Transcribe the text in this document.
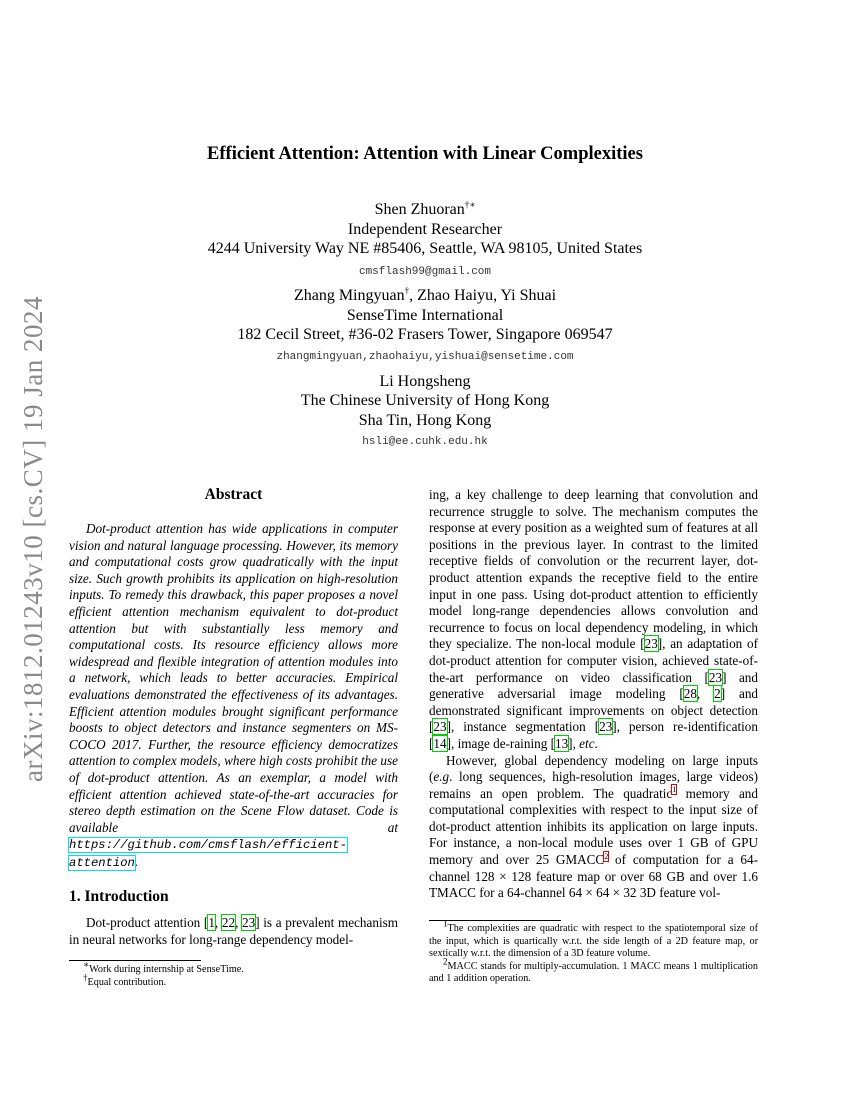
arXiv:1812.01243v10 [cs.CV] 19 Jan 2024
Efficient Attention: Attention with Linear Complexities
Shen Zhuoran†∗
Independent Researcher
4244 University Way NE #85406, Seattle, WA 98105, United States
cmsflash99@gmail.com
Zhang Mingyuan†, Zhao Haiyu, Yi Shuai
SenseTime International
182 Cecil Street, #36-02 Frasers Tower, Singapore 069547
zhangmingyuan,zhaohaiyu,yishuai@sensetime.com
Li Hongsheng
The Chinese University of Hong Kong
Sha Tin, Hong Kong
hsli@ee.cuhk.edu.hk
Abstract

Dot-product attention has wide applications in computer vision and natural language processing. However, its memory and computational costs grow quadratically with the input size. Such growth prohibits its application on high-resolution inputs. To remedy this drawback, this paper proposes a novel efficient attention mechanism equivalent to dot-product attention but with substantially less memory and computational costs. Its resource efficiency allows more widespread and flexible integration of attention modules into a network, which leads to better accuracies. Empirical evaluations demonstrated the effectiveness of its advantages. Efficient attention modules brought significant performance boosts to object detectors and instance segmenters on MS-COCO 2017. Further, the resource efficiency democratizes attention to complex models, where high costs prohibit the use of dot-product attention. As an exemplar, a model with efficient attention achieved state-of-the-art accuracies for stereo depth estimation on the Scene Flow dataset. Code is available at https://github.com/cmsflash/efficient-attention.

1. Introduction

Dot-product attention [1, 22, 23] is a prevalent mechanism in neural networks for long-range dependency model-

ing, a key challenge to deep learning that convolution and recurrence struggle to solve. The mechanism computes the response at every position as a weighted sum of features at all positions in the previous layer. In contrast to the limited receptive fields of convolution or the recurrent layer, dot-product attention expands the receptive field to the entire input in one pass. Using dot-product attention to efficiently model long-range dependencies allows convolution and recurrence to focus on local dependency modeling, in which they specialize. The non-local module [23], an adaptation of dot-product attention for computer vision, achieved state-of-the-art performance on video classification [23] and generative adversarial image modeling [28, 2] and demonstrated significant improvements on object detection [23], instance segmentation [23], person re-identification [14], image de-raining [13], etc.

However, global dependency modeling on large inputs (e.g. long sequences, high-resolution images, large videos) remains an open problem. The quadratic$^1$ memory and computational complexities with respect to the input size of dot-product attention inhibits its application on large inputs. For instance, a non-local module uses over 1 GB of GPU memory and over 25 GMACC$^2$ of computation for a 64-channel 128 × 128 feature map or over 68 GB and over 1.6 TMACC for a 64-channel 64 × 64 × 32 3D feature vol-

∗Work during internship at SenseTime.

†Equal contribution.

1The complexities are quadratic with respect to the spatiotemporal size of the input, which is quartically w.r.t. the side length of a 2D feature map, or sextically w.r.t. the dimension of a 3D feature volume.

2MACC stands for multiply-accumulation. 1 MACC means 1 multiplication and 1 addition operation.
